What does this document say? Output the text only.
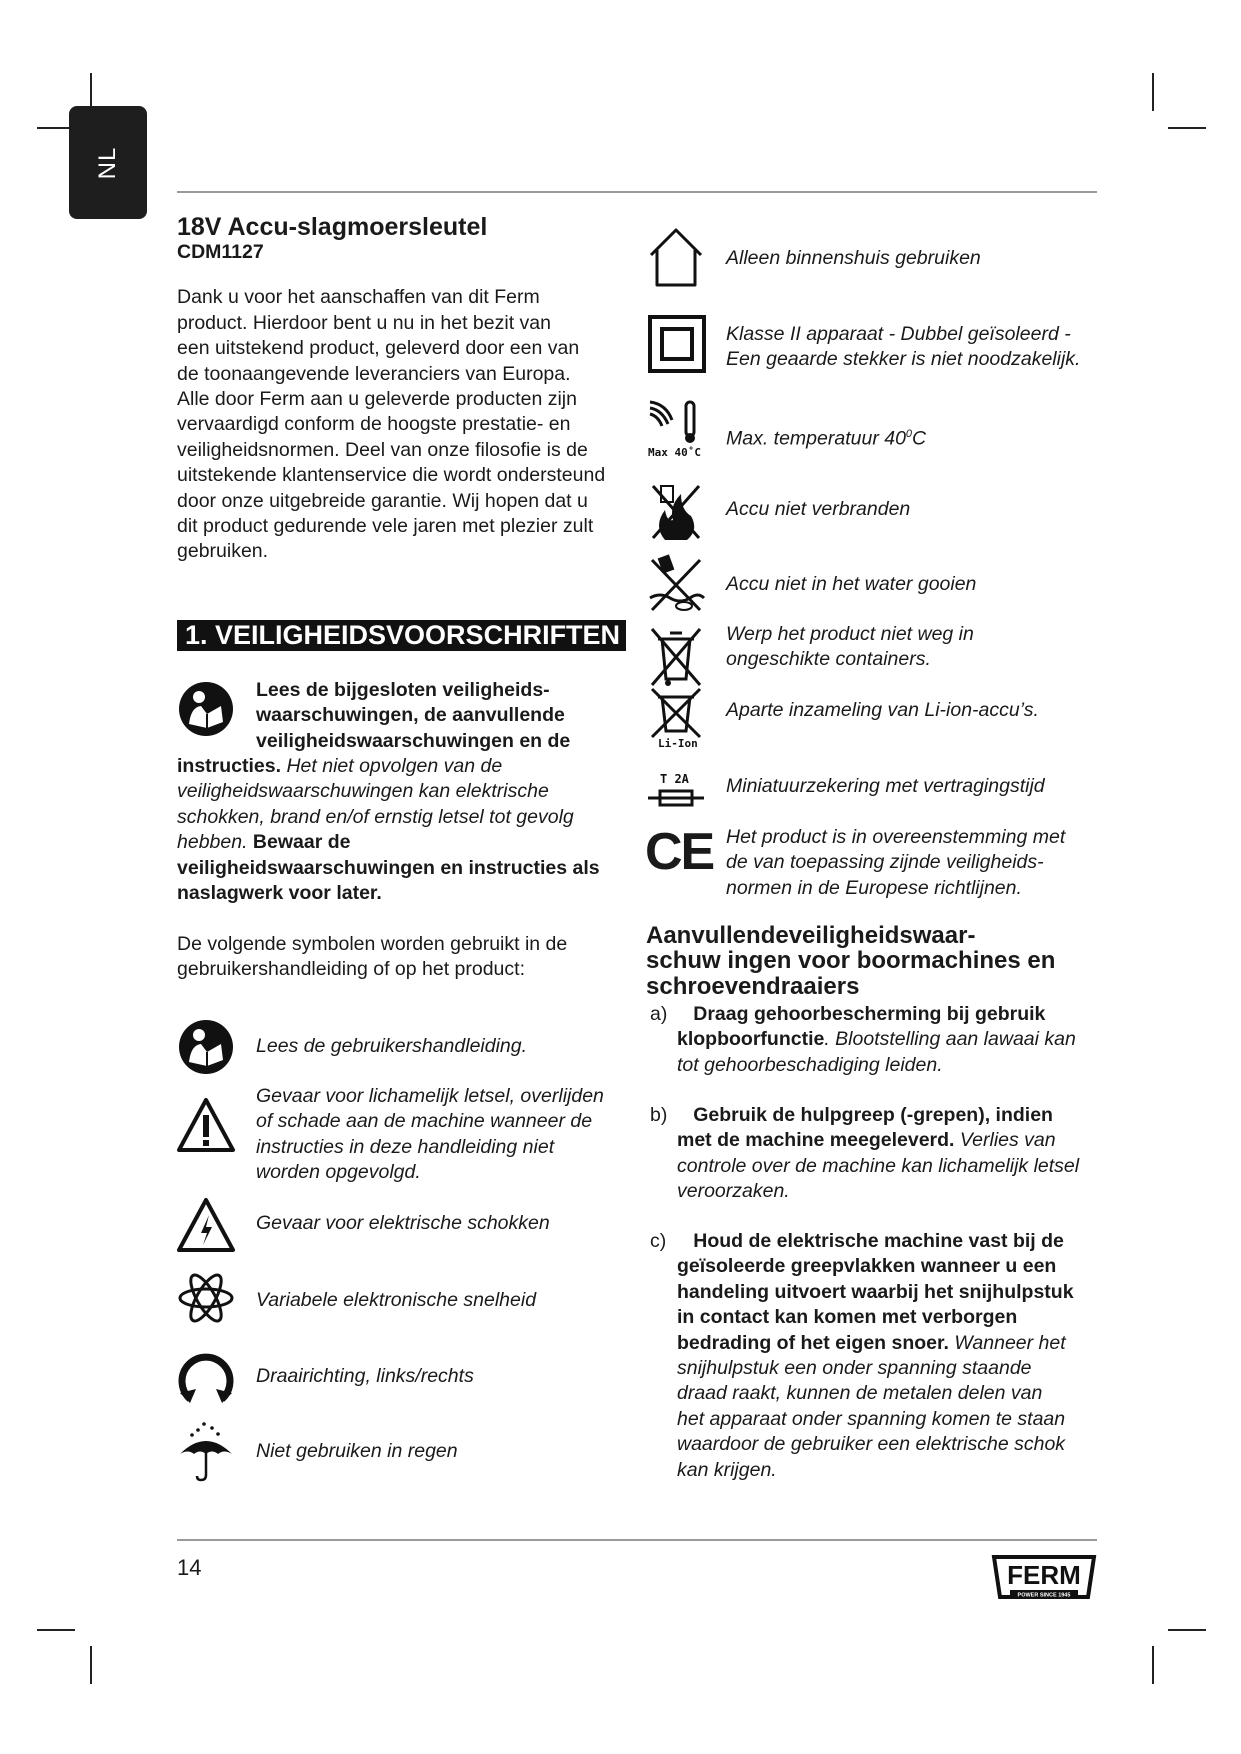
NL
18V Accu-slagmoersleutel
CDM1127
Dank u voor het aanschaffen van dit Ferm
product. Hierdoor bent u nu in het bezit van
een uitstekend product, geleverd door een van
de toonaangevende leveranciers van Europa.
Alle door Ferm aan u geleverde producten zijn
vervaardigd conform de hoogste prestatie- en
veiligheidsnormen. Deel van onze filosofie is de
uitstekende klantenservice die wordt ondersteund
door onze uitgebreide garantie. Wij hopen dat u
dit product gedurende vele jaren met plezier zult
gebruiken.
1. VEILIGHEIDSVOORSCHRIFTEN
Lees de bijgesloten veiligheids-
waarschuwingen, de aanvullende
veiligheidswaarschuwingen en de
instructies. Het niet opvolgen van de
veiligheidswaarschuwingen kan elektrische
schokken, brand en/of ernstig letsel tot gevolg
hebben. Bewaar de
veiligheidswaarschuwingen en instructies als
naslagwerk voor later.
De volgende symbolen worden gebruikt in de
gebruikershandleiding of op het product:
Lees de gebruikershandleiding.
Gevaar voor lichamelijk letsel, overlijden
of schade aan de machine wanneer de
instructies in deze handleiding niet
worden opgevolgd.
Gevaar voor elektrische schokken
Variabele elektronische snelheid
Draairichting, links/rechts
Niet gebruiken in regen
Alleen binnenshuis gebruiken
Klasse II apparaat - Dubbel geïsoleerd -
Een geaarde stekker is niet noodzakelijk.
Max 40˚C
Max. temperatuur $40^0C$
Accu niet verbranden
Accu niet in het water gooien
Werp het product niet weg in
ongeschikte containers.
Li-Ion
Aparte inzameling van Li-ion-accu’s.
T 2A Miniatuurzekering met vertragingstijd
CE Het product is in overeenstemming met
de van toepassing zijnde veiligheids-
normen in de Europese richtlijnen.
Aanvullendeveiligheidswaar-
schuw ingen voor boormachines en
schroevendraaiers
a) Draag gehoorbescherming bij gebruik
klopboorfunctie. Blootstelling aan lawaai kan
tot gehoorbeschadiging leiden.
b) Gebruik de hulpgreep (-grepen), indien
met de machine meegeleverd. Verlies van
controle over de machine kan lichamelijk letsel
veroorzaken.
c) Houd de elektrische machine vast bij de
geïsoleerde greepvlakken wanneer u een
handeling uitvoert waarbij het snijhulpstuk
in contact kan komen met verborgen
bedrading of het eigen snoer. Wanneer het
snijhulpstuk een onder spanning staande
draad raakt, kunnen de metalen delen van
het apparaat onder spanning komen te staan
waardoor de gebruiker een elektrische schok
kan krijgen.
14	FERM
POWER SINCE 1945
